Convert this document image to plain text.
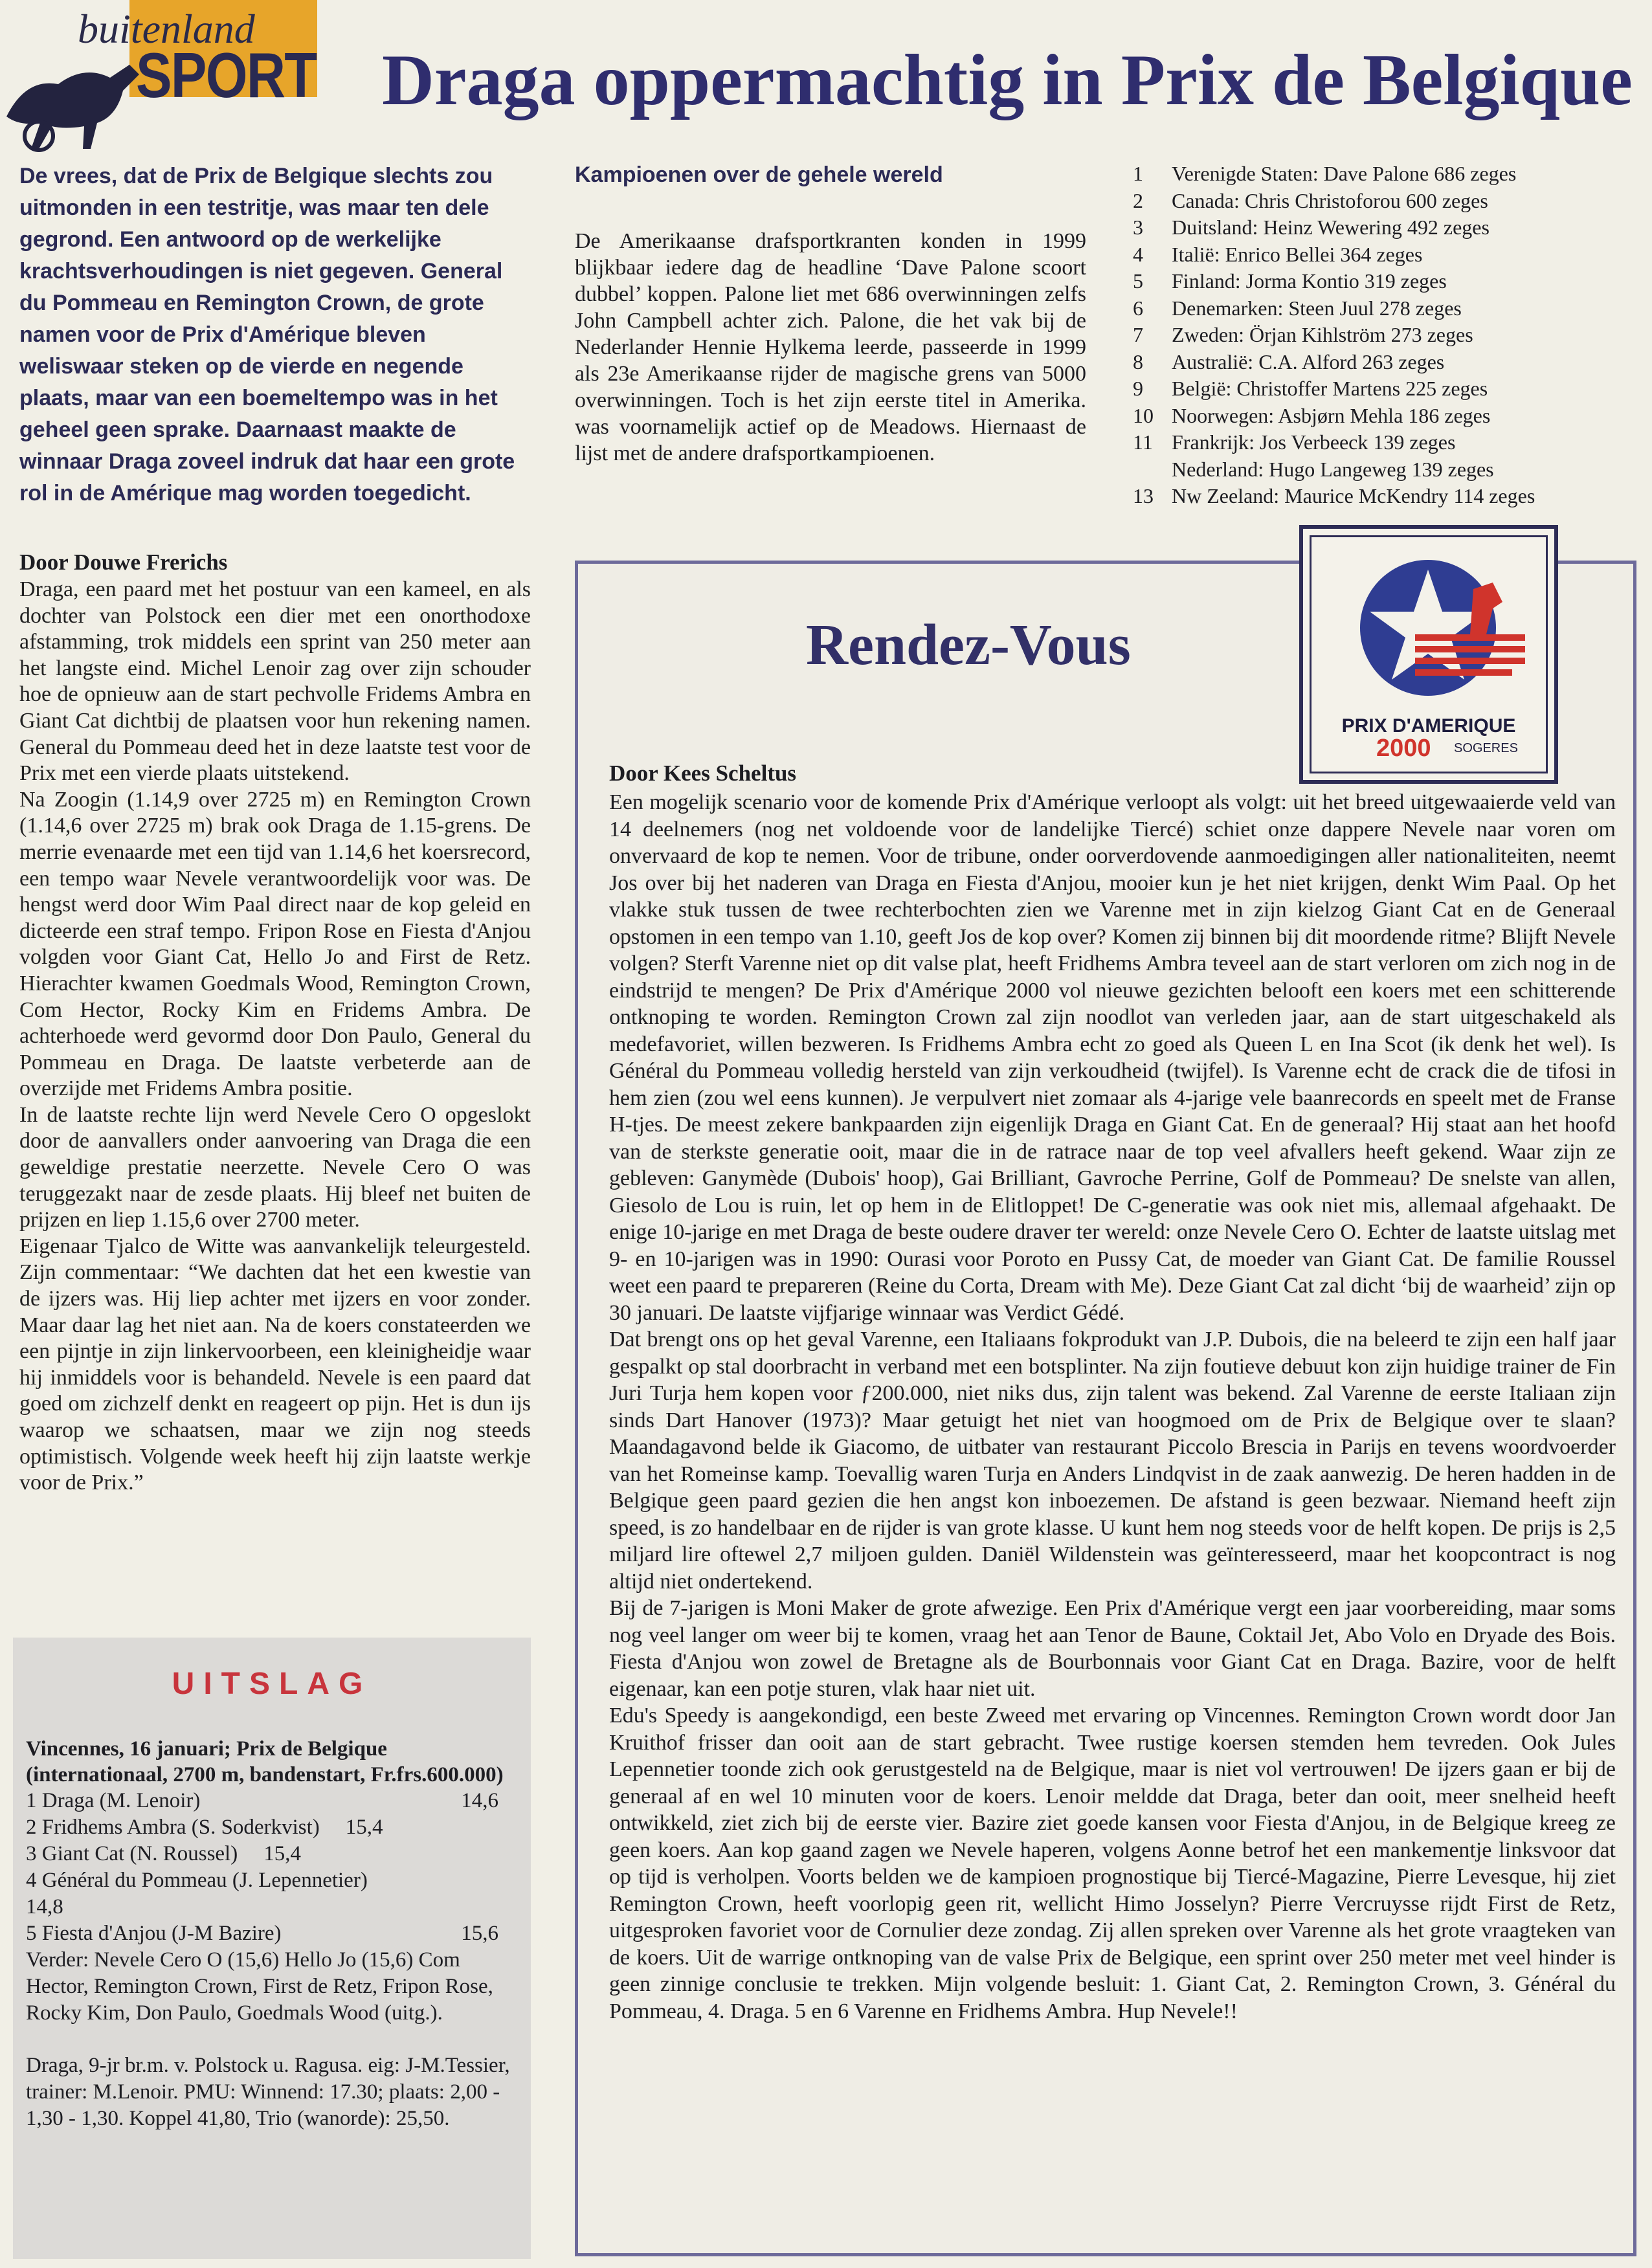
buitenland
SPORT Draga oppermachtig in Prix de Belgique
De vrees, dat de Prix de Belgique slechts zou uitmonden in een testritje, was maar ten dele gegrond. Een antwoord op de werkelijke krachtsverhoudingen is niet gegeven. General du Pommeau en Remington Crown, de grote namen voor de Prix d'Amérique bleven weliswaar steken op de vierde en negende plaats, maar van een boemeltempo was in het geheel geen sprake. Daarnaast maakte de winnaar Draga zoveel indruk dat haar een grote rol in de Amérique mag worden toegedicht.
Door Douwe Frerichs

Draga, een paard met het postuur van een kameel, en als dochter van Polstock een dier met een onorthodoxe afstamming, trok middels een sprint van 250 meter aan het langste eind. Michel Lenoir zag over zijn schouder hoe de opnieuw aan de start pechvolle Fridems Ambra en Giant Cat dichtbij de plaatsen voor hun rekening namen. General du Pommeau deed het in deze laatste test voor de Prix met een vierde plaats uitstekend.

Na Zoogin (1.14,9 over 2725 m) en Remington Crown (1.14,6 over 2725 m) brak ook Draga de 1.15-grens. De merrie evenaarde met een tijd van 1.14,6 het koersrecord, een tempo waar Nevele verantwoordelijk voor was. De hengst werd door Wim Paal direct naar de kop geleid en dicteerde een straf tempo. Fripon Rose en Fiesta d'Anjou volgden voor Giant Cat, Hello Jo and First de Retz. Hierachter kwamen Goedmals Wood, Remington Crown, Com Hector, Rocky Kim en Fridems Ambra. De achterhoede werd gevormd door Don Paulo, General du Pommeau en Draga. De laatste verbeterde aan de overzijde met Fridems Ambra positie.

In de laatste rechte lijn werd Nevele Cero O opgeslokt door de aanvallers onder aanvoering van Draga die een geweldige prestatie neerzette. Nevele Cero O was teruggezakt naar de zesde plaats. Hij bleef net buiten de prijzen en liep 1.15,6 over 2700 meter.

Eigenaar Tjalco de Witte was aanvankelijk teleurgesteld. Zijn commentaar: “We dachten dat het een kwestie van de ijzers was. Hij liep achter met ijzers en voor zonder. Maar daar lag het niet aan. Na de koers constateerden we een pijntje in zijn linkervoorbeen, een kleinigheidje waar hij inmiddels voor is behandeld. Nevele is een paard dat goed om zichzelf denkt en reageert op pijn. Het is dun ijs waarop we schaatsen, maar we zijn nog steeds optimistisch. Volgende week heeft hij zijn laatste werkje voor de Prix.”

Kampioenen over de gehele wereld
De Amerikaanse drafsportkranten konden in 1999 blijkbaar iedere dag de headline ‘Dave Palone scoort dubbel’ koppen. Palone liet met 686 overwinningen zelfs John Campbell achter zich. Palone, die het vak bij de Nederlander Hennie Hylkema leerde, passeerde in 1999 als 23e Amerikaanse rijder de magische grens van 5000 overwinningen. Toch is het zijn eerste titel in Amerika. was voornamelijk actief op de Meadows. Hiernaast de lijst met de andere drafsportkampioenen.
1	Verenigde Staten: Dave Palone 686 zeges
2	Canada: Chris Christoforou 600 zeges
3	Duitsland: Heinz Wewering 492 zeges
4	Italië: Enrico Bellei 364 zeges
5	Finland: Jorma Kontio 319 zeges
6	Denemarken: Steen Juul 278 zeges
7	Zweden: Örjan Kihlström 273 zeges
8	Australië: C.A. Alford 263 zeges
9	België: Christoffer Martens 225 zeges
10 Noorwegen: Asbjørn Mehla 186 zeges
11 Frankrijk: Jos Verbeeck 139 zeges
Nederland: Hugo Langeweg 139 zeges
13 Nw Zeeland: Maurice McKendry 114 zeges
UITSLAG
Vincennes, 16 januari; Prix de Belgique (internationaal, 2700 m, bandenstart, Fr.frs.600.000)
1 Draga (M. Lenoir)	14,6
2 Fridhems Ambra (S. Soderkvist) 15,4
3 Giant Cat (N. Roussel) 15,4
4 Général du Pommeau (J. Lepennetier)
14,8
5 Fiesta d'Anjou (J-M Bazire)	15,6
Verder: Nevele Cero O (15,6) Hello Jo (15,6) Com Hector, Remington Crown, First de Retz, Fripon Rose, Rocky Kim, Don Paulo, Goedmals Wood (uitg.).
Draga, 9-jr br.m. v. Polstock u. Ragusa. eig: J-M.Tessier, trainer: M.Lenoir. PMU: Winnend: 17.30; plaats: 2,00 - 1,30 - 1,30. Koppel 41,80, Trio (wanorde): 25,50.
Rendez-Vous
PRIX D'AMERIQUE
2000 SOGERES
Door Kees Scheltus

Een mogelijk scenario voor de komende Prix d'Amérique verloopt als volgt: uit het breed uitgewaaierde veld van 14 deelnemers (nog net voldoende voor de landelijke Tiercé) schiet onze dappere Nevele naar voren om onvervaard de kop te nemen. Voor de tribune, onder oorverdovende aanmoedigingen aller nationaliteiten, neemt Jos over bij het naderen van Draga en Fiesta d'Anjou, mooier kun je het niet krijgen, denkt Wim Paal. Op het vlakke stuk tussen de twee rechterbochten zien we Varenne met in zijn kielzog Giant Cat en de Generaal opstomen in een tempo van 1.10, geeft Jos de kop over? Komen zij binnen bij dit moordende ritme? Blijft Nevele volgen? Sterft Varenne niet op dit valse plat, heeft Fridhems Ambra teveel aan de start verloren om zich nog in de eindstrijd te mengen? De Prix d'Amérique 2000 vol nieuwe gezichten belooft een koers met een schitterende ontknoping te worden. Remington Crown zal zijn noodlot van verleden jaar, aan de start uitgeschakeld als medefavoriet, willen bezweren. Is Fridhems Ambra echt zo goed als Queen L en Ina Scot (ik denk het wel). Is Général du Pommeau volledig hersteld van zijn verkoudheid (twijfel). Is Varenne echt de crack die de tifosi in hem zien (zou wel eens kunnen). Je verpulvert niet zomaar als 4-jarige vele baanrecords en speelt met de Franse H-tjes. De meest zekere bankpaarden zijn eigenlijk Draga en Giant Cat. En de generaal? Hij staat aan het hoofd van de sterkste generatie ooit, maar die in de ratrace naar de top veel afvallers heeft gekend. Waar zijn ze gebleven: Ganymède (Dubois' hoop), Gai Brilliant, Gavroche Perrine, Golf de Pommeau? De snelste van allen, Giesolo de Lou is ruin, let op hem in de Elitloppet! De C-generatie was ook niet mis, allemaal afgehaakt. De enige 10-jarige en met Draga de beste oudere draver ter wereld: onze Nevele Cero O. Echter de laatste uitslag met 9- en 10-jarigen was in 1990: Ourasi voor Poroto en Pussy Cat, de moeder van Giant Cat. De familie Roussel weet een paard te prepareren (Reine du Corta, Dream with Me). Deze Giant Cat zal dicht ‘bij de waarheid’ zijn op 30 januari. De laatste vijfjarige winnaar was Verdict Gédé.

Dat brengt ons op het geval Varenne, een Italiaans fokprodukt van J.P. Dubois, die na beleerd te zijn een half jaar gespalkt op stal doorbracht in verband met een botsplinter. Na zijn foutieve debuut kon zijn huidige trainer de Fin Juri Turja hem kopen voor ƒ200.000, niet niks dus, zijn talent was bekend. Zal Varenne de eerste Italiaan zijn sinds Dart Hanover (1973)? Maar getuigt het niet van hoogmoed om de Prix de Belgique over te slaan? Maandagavond belde ik Giacomo, de uitbater van restaurant Piccolo Brescia in Parijs en tevens woordvoerder van het Romeinse kamp. Toevallig waren Turja en Anders Lindqvist in de zaak aanwezig. De heren hadden in de Belgique geen paard gezien die hen angst kon inboezemen. De afstand is geen bezwaar. Niemand heeft zijn speed, is zo handelbaar en de rijder is van grote klasse. U kunt hem nog steeds voor de helft kopen. De prijs is 2,5 miljard lire oftewel 2,7 miljoen gulden. Daniël Wildenstein was geïnteresseerd, maar het koopcontract is nog altijd niet ondertekend.

Bij de 7-jarigen is Moni Maker de grote afwezige. Een Prix d'Amérique vergt een jaar voorbereiding, maar soms nog veel langer om weer bij te komen, vraag het aan Tenor de Baune, Coktail Jet, Abo Volo en Dryade des Bois. Fiesta d'Anjou won zowel de Bretagne als de Bourbonnais voor Giant Cat en Draga. Bazire, voor de helft eigenaar, kan een potje sturen, vlak haar niet uit.

Edu's Speedy is aangekondigd, een beste Zweed met ervaring op Vincennes. Remington Crown wordt door Jan Kruithof frisser dan ooit aan de start gebracht. Twee rustige koersen stemden hem tevreden. Ook Jules Lepennetier toonde zich ook gerustgesteld na de Belgique, maar is niet vol vertrouwen! De ijzers gaan er bij de generaal af en wel 10 minuten voor de koers. Lenoir meldde dat Draga, beter dan ooit, meer snelheid heeft ontwikkeld, ziet zich bij de eerste vier. Bazire ziet goede kansen voor Fiesta d'Anjou, in de Belgique kreeg ze geen koers. Aan kop gaand zagen we Nevele haperen, volgens Aonne betrof het een mankementje linksvoor dat op tijd is verholpen. Voorts belden we de kampioen prognostique bij Tiercé-Magazine, Pierre Levesque, hij ziet Remington Crown, heeft voorlopig geen rit, wellicht Himo Josselyn? Pierre Vercruysse rijdt First de Retz, uitgesproken favoriet voor de Cornulier deze zondag. Zij allen spreken over Varenne als het grote vraagteken van de koers. Uit de warrige ontknoping van de valse Prix de Belgique, een sprint over 250 meter met veel hinder is geen zinnige conclusie te trekken. Mijn volgende besluit: 1. Giant Cat, 2. Remington Crown, 3. Général du Pommeau, 4. Draga. 5 en 6 Varenne en Fridhems Ambra. Hup Nevele!!
